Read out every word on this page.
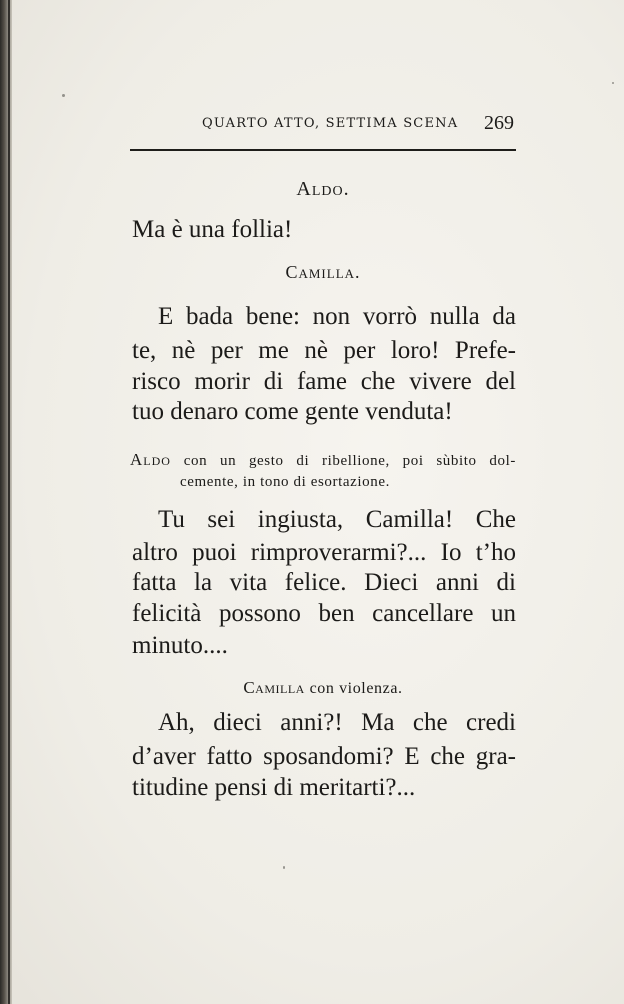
QUARTO ATTO, SETTIMA SCENA 269
Aldo.
Ma è una follia!
Camilla.
E bada bene: non vorrò nulla da
te, nè per me nè per loro! Prefe-
risco morir di fame che vivere del
tuo denaro come gente venduta!
Aldo con un gesto di ribellione, poi sùbito dol-
cemente, in tono di esortazione.
Tu sei ingiusta, Camilla! Che
altro puoi rimproverarmi?... Io t’ho
fatta la vita felice. Dieci anni di
felicità possono ben cancellare un
minuto....
Camilla con violenza.
Ah, dieci anni?! Ma che credi
d’aver fatto sposandomi? E che gra-
titudine pensi di meritarti?...
